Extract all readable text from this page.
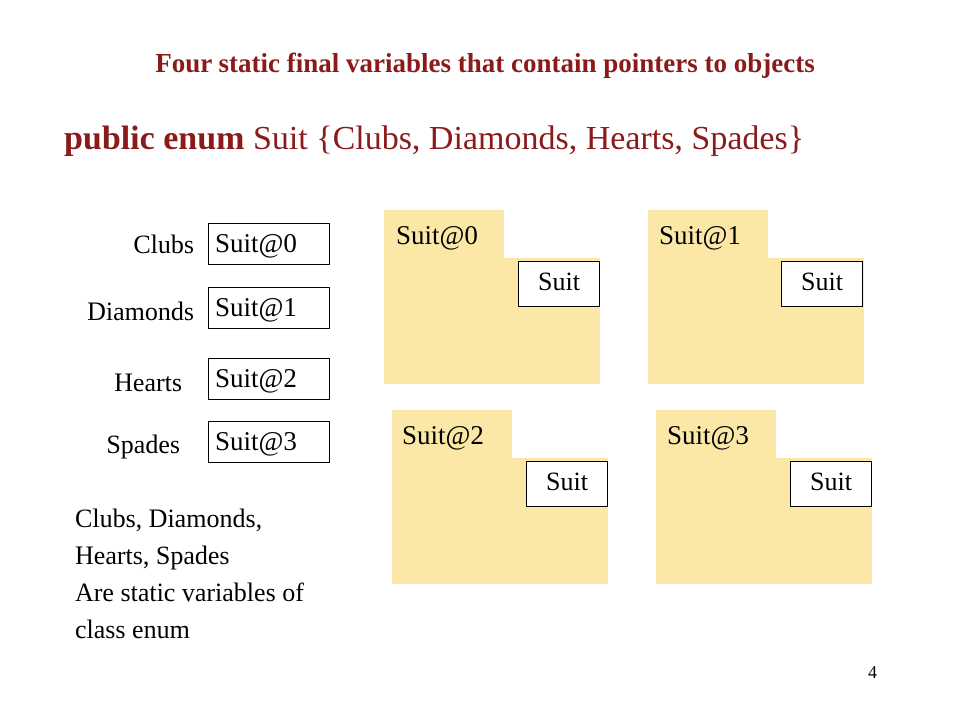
Four static final variables that contain pointers to objects
public enum Suit {Clubs, Diamonds, Hearts, Spades}
Clubs Suit@0
Diamonds Suit@1
Hearts Suit@2
Spades Suit@3
Suit@0
Suit
Suit@1
Suit
Suit@2
Suit
Suit@3
Suit
Clubs, Diamonds,
Hearts, Spades
Are static variables of
class enum
4
